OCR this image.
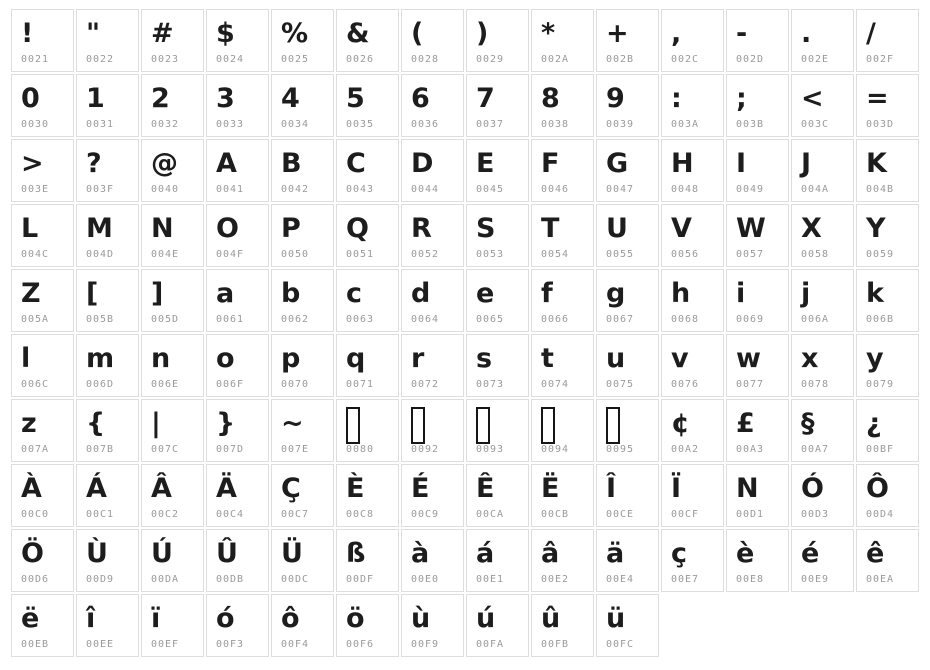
!
0021
"
0022
#
0023
$
0024
%
0025
&
0026
(
0028
)
0029
*
002A
+
002B
,
002C
-
002D
.
002E
/
002F
0
0030
1
0031
2
0032
3
0033
4
0034
5
0035
6
0036
7
0037
8
0038
9
0039
:
003A
;
003B
<
003C
=
003D
>
003E
?
003F
@
0040
A
0041
B
0042
C
0043
D
0044
E
0045
F
0046
G
0047
H
0048
I
0049
J
004A
K
004B
L
004C
M
004D
N
004E
O
004F
P
0050
Q
0051
R
0052
S
0053
T
0054
U
0055
V
0056
W
0057
X
0058
Y
0059
Z
005A
[
005B
]
005D
a
0061
b
0062
c
0063
d
0064
e
0065
f
0066
g
0067
h
0068
i
0069
j
006A
k
006B
l
006C
m
006D
n
006E
o
006F
p
0070
q
0071
r
0072
s
0073
t
0074
u
0075
v
0076
w
0077
x
0078
y
0079
z
007A
{
007B
|
007C
}
007D
~
007E	0080	0092	0093	0094	0095
¢
00A2
£
00A3
§
00A7
¿
00BF
À
00C0
Á
00C1
Â
00C2
Ä
00C4
Ç
00C7
È
00C8
É
00C9
Ê
00CA
Ë
00CB
Î
00CE
Ï
00CF
N
00D1
Ó
00D3
Ô
00D4
Ö
00D6
Ù
00D9
Ú
00DA
Û
00DB
Ü
00DC
ß
00DF
à
00E0
á
00E1
â
00E2
ä
00E4
ç
00E7
è
00E8
é
00E9
ê
00EA
ë
00EB
î
00EE
ï
00EF
ó
00F3
ô
00F4
ö
00F6
ù
00F9
ú
00FA
û
00FB
ü
00FC
